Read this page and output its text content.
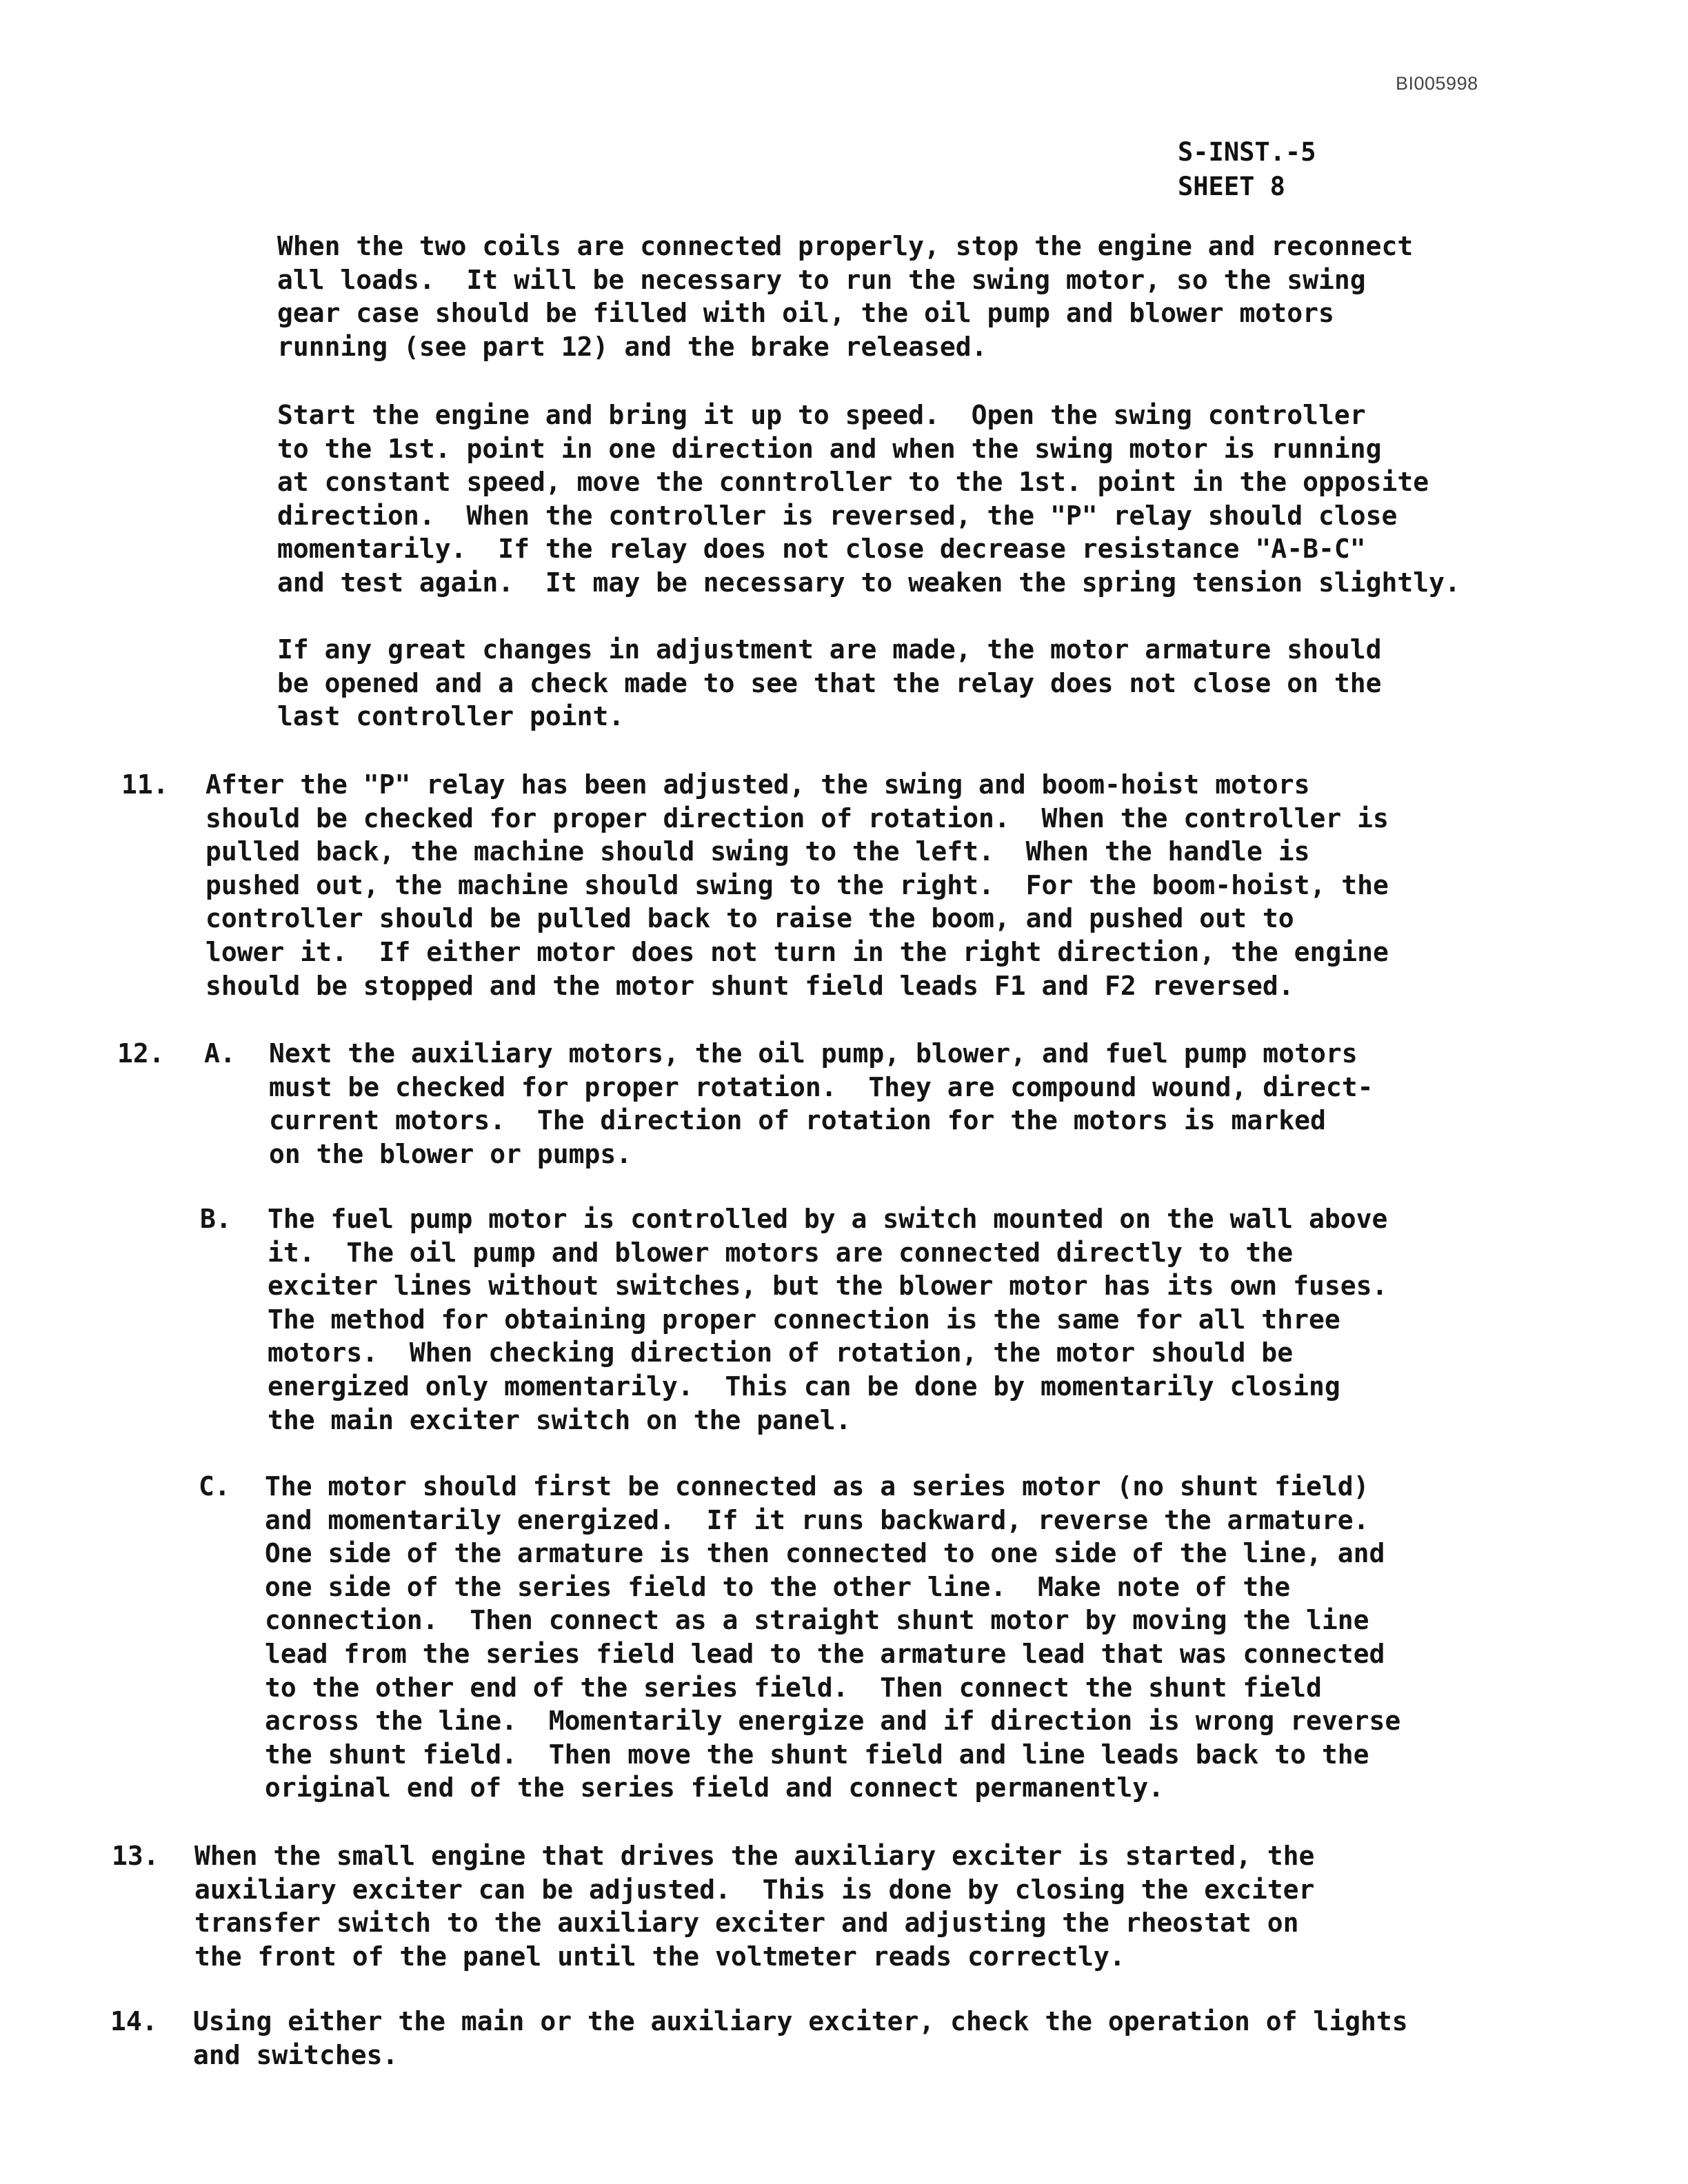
BI005998
S-INST.-5
SHEET 8
When the two coils are connected properly, stop the engine and reconnect
all loads.  It will be necessary to run the swing motor, so the swing
gear case should be filled with oil, the oil pump and blower motors
running (see part 12) and the brake released.
Start the engine and bring it up to speed.  Open the swing controller
to the 1st. point in one direction and when the swing motor is running
at constant speed, move the conntroller to the 1st. point in the opposite
direction.  When the controller is reversed, the "P" relay should close
momentarily.  If the relay does not close decrease resistance "A-B-C"
and test again.  It may be necessary to weaken the spring tension slightly.
If any great changes in adjustment are made, the motor armature should
be opened and a check made to see that the relay does not close on the
last controller point.
11. After the "P" relay has been adjusted, the swing and boom-hoist motors
should be checked for proper direction of rotation.  When the controller is
pulled back, the machine should swing to the left.  When the handle is
pushed out, the machine should swing to the right.  For the boom-hoist, the
controller should be pulled back to raise the boom, and pushed out to
lower it.  If either motor does not turn in the right direction, the engine
should be stopped and the motor shunt field leads F1 and F2 reversed.
12. A. Next the auxiliary motors, the oil pump, blower, and fuel pump motors
must be checked for proper rotation.  They are compound wound, direct-
current motors.  The direction of rotation for the motors is marked
on the blower or pumps.
B. The fuel pump motor is controlled by a switch mounted on the wall above
it.  The oil pump and blower motors are connected directly to the
exciter lines without switches, but the blower motor has its own fuses.
The method for obtaining proper connection is the same for all three
motors.  When checking direction of rotation, the motor should be
energized only momentarily.  This can be done by momentarily closing
the main exciter switch on the panel.
C. The motor should first be connected as a series motor (no shunt field)
and momentarily energized.  If it runs backward, reverse the armature.
One side of the armature is then connected to one side of the line, and
one side of the series field to the other line.  Make note of the
connection.  Then connect as a straight shunt motor by moving the line
lead from the series field lead to the armature lead that was connected
to the other end of the series field.  Then connect the shunt field
across the line.  Momentarily energize and if direction is wrong reverse
the shunt field.  Then move the shunt field and line leads back to the
original end of the series field and connect permanently.
13. When the small engine that drives the auxiliary exciter is started, the
auxiliary exciter can be adjusted.  This is done by closing the exciter
transfer switch to the auxiliary exciter and adjusting the rheostat on
the front of the panel until the voltmeter reads correctly.
14. Using either the main or the auxiliary exciter, check the operation of lights
and switches.
